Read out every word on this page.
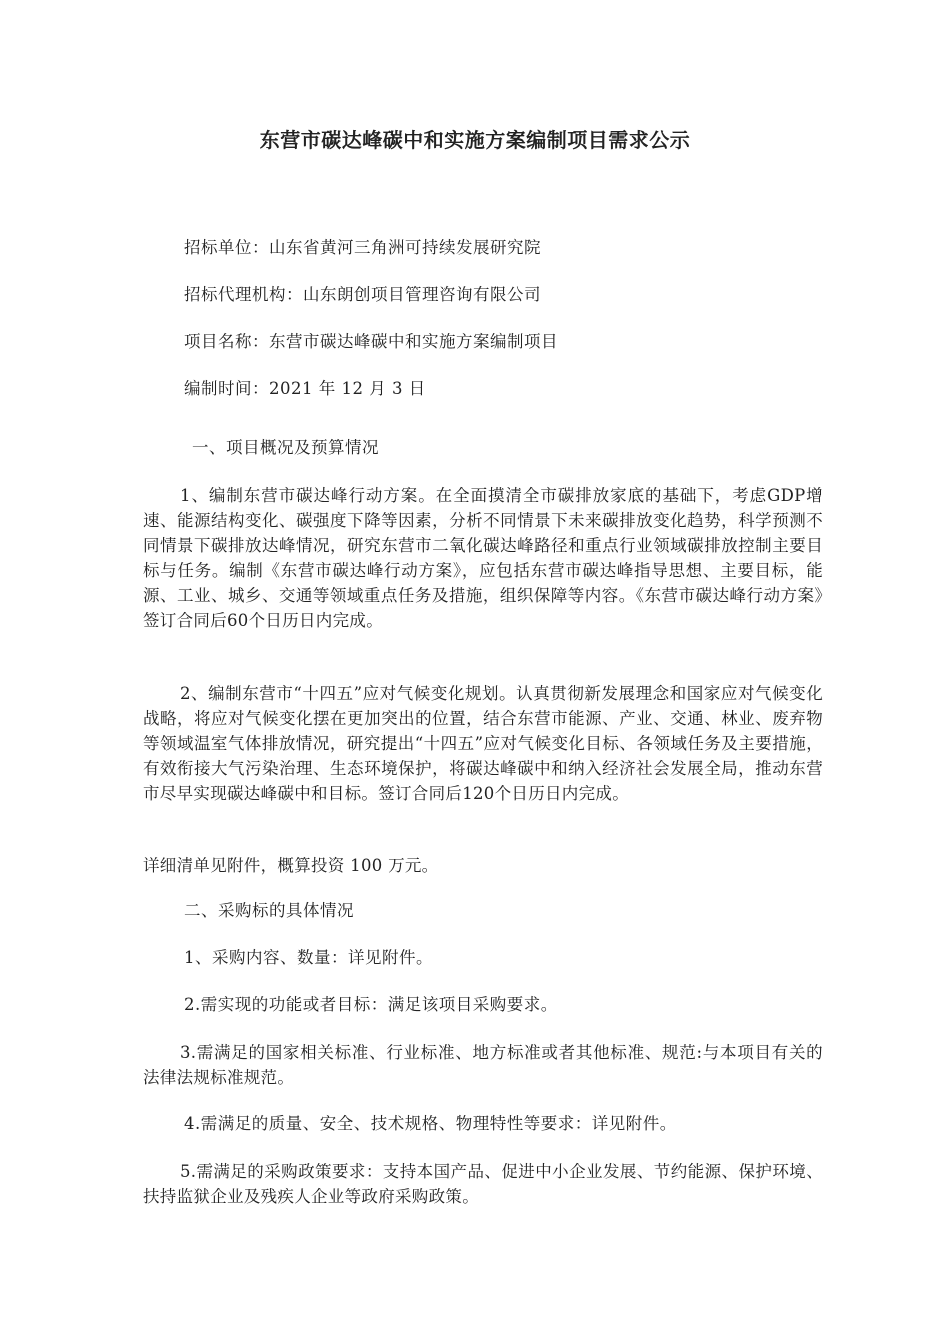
东营市碳达峰碳中和实施方案编制项目需求公示
招标单位：山东省黄河三角洲可持续发展研究院
招标代理机构：山东朗创项目管理咨询有限公司
项目名称：东营市碳达峰碳中和实施方案编制项目
编制时间：2021 年 12 月 3 日
一、项目概况及预算情况
1、编制东营市碳达峰行动方案。在全面摸清全市碳排放家底的基础下，考虑GDP增速、能源结构变化、碳强度下降等因素，分析不同情景下未来碳排放变化趋势，科学预测不同情景下碳排放达峰情况，研究东营市二氧化碳达峰路径和重点行业领域碳排放控制主要目标与任务。编制《东营市碳达峰行动方案》，应包括东营市碳达峰指导思想、主要目标，能源、工业、城乡、交通等领域重点任务及措施，组织保障等内容。《东营市碳达峰行动方案》签订合同后60个日历日内完成。
2、编制东营市“十四五”应对气候变化规划。认真贯彻新发展理念和国家应对气候变化战略，将应对气候变化摆在更加突出的位置，结合东营市能源、产业、交通、林业、废弃物等领域温室气体排放情况，研究提出“十四五”应对气候变化目标、各领域任务及主要措施，有效衔接大气污染治理、生态环境保护，将碳达峰碳中和纳入经济社会发展全局，推动东营市尽早实现碳达峰碳中和目标。签订合同后120个日历日内完成。
详细清单见附件，概算投资 100 万元。
二、采购标的具体情况
1、采购内容、数量：详见附件。
2.需实现的功能或者目标：满足该项目采购要求。
3.需满足的国家相关标准、行业标准、地方标准或者其他标准、规范:与本项目有关的法律法规标准规范。
4.需满足的质量、安全、技术规格、物理特性等要求：详见附件。
5.需满足的采购政策要求：支持本国产品、促进中小企业发展、节约能源、保护环境、扶持监狱企业及残疾人企业等政府采购政策。
